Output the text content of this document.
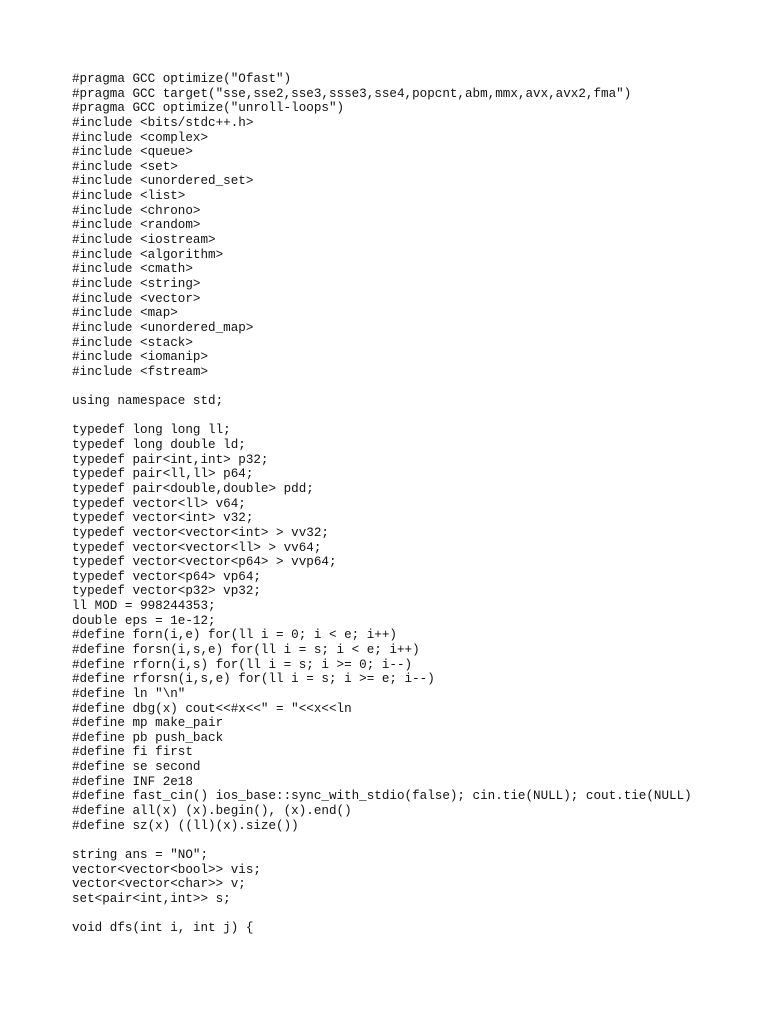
#pragma GCC optimize("Ofast")
#pragma GCC target("sse,sse2,sse3,ssse3,sse4,popcnt,abm,mmx,avx,avx2,fma")
#pragma GCC optimize("unroll-loops")
#include <bits/stdc++.h>
#include <complex>
#include <queue>
#include <set>
#include <unordered_set>
#include <list>
#include <chrono>
#include <random>
#include <iostream>
#include <algorithm>
#include <cmath>
#include <string>
#include <vector>
#include <map>
#include <unordered_map>
#include <stack>
#include <iomanip>
#include <fstream>
using namespace std;
typedef long long ll;
typedef long double ld;
typedef pair<int,int> p32;
typedef pair<ll,ll> p64;
typedef pair<double,double> pdd;
typedef vector<ll> v64;
typedef vector<int> v32;
typedef vector<vector<int> > vv32;
typedef vector<vector<ll> > vv64;
typedef vector<vector<p64> > vvp64;
typedef vector<p64> vp64;
typedef vector<p32> vp32;
ll MOD = 998244353;
double eps = 1e-12;
#define forn(i,e) for(ll i = 0; i < e; i++)
#define forsn(i,s,e) for(ll i = s; i < e; i++)
#define rforn(i,s) for(ll i = s; i >= 0; i--)
#define rforsn(i,s,e) for(ll i = s; i >= e; i--)
#define ln "\n"
#define dbg(x) cout<<#x<<" = "<<x<<ln
#define mp make_pair
#define pb push_back
#define fi first
#define se second
#define INF 2e18
#define fast_cin() ios_base::sync_with_stdio(false); cin.tie(NULL); cout.tie(NULL)
#define all(x) (x).begin(), (x).end()
#define sz(x) ((ll)(x).size())
string ans = "NO";
vector<vector<bool>> vis;
vector<vector<char>> v;
set<pair<int,int>> s;
void dfs(int i, int j) {
